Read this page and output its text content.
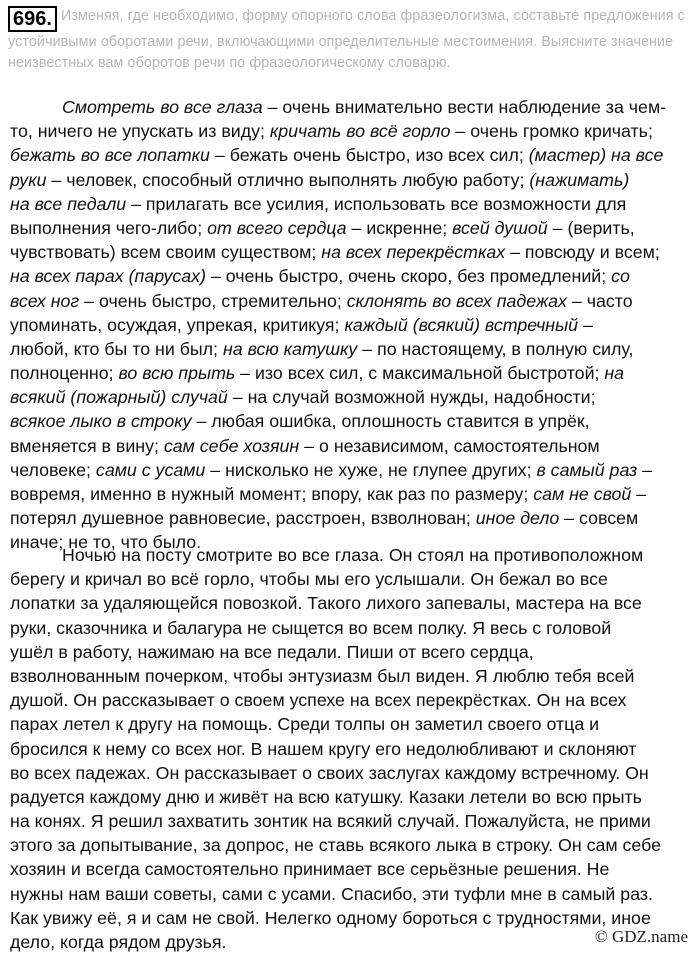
696. Изменяя, где необходимо, форму опорного слова фразеологизма, составьте предложения с устойчивыми оборотами речи, включающими определительные местоимения. Выясните значение неизвестных вам оборотов речи по фразеологическому словарю.
Смотреть во все глаза – очень внимательно вести наблюдение за чем-
то, ничего не упускать из виду; кричать во всё горло – очень громко кричать;
бежать во все лопатки – бежать очень быстро, изо всех сил; (мастер) на все
руки – человек, способный отлично выполнять любую работу; (нажимать)
на все педали – прилагать все усилия, использовать все возможности для
выполнения чего-либо; от всего сердца – искренне; всей душой – (верить,
чувствовать) всем своим существом; на всех перекрёстках – повсюду и всем;
на всех парах (парусах) – очень быстро, очень скоро, без промедлений; со
всех ног – очень быстро, стремительно; склонять во всех падежах – часто
упоминать, осуждая, упрекая, критикуя; каждый (всякий) встречный –
любой, кто бы то ни был; на всю катушку – по настоящему, в полную силу,
полноценно; во всю прыть – изо всех сил, с максимальной быстротой; на
всякий (пожарный) случай – на случай возможной нужды, надобности;
всякое лыко в строку – любая ошибка, оплошность ставится в упрёк,
вменяется в вину; сам себе хозяин – о независимом, самостоятельном
человеке; сами с усами – нисколько не хуже, не глупее других; в самый раз –
вовремя, именно в нужный момент; впору, как раз по размеру; сам не свой –
потерял душевное равновесие, расстроен, взволнован; иное дело – совсем
иначе; не то, что было.
Ночью на посту смотрите во все глаза. Он стоял на противоположном
берегу и кричал во всё горло, чтобы мы его услышали. Он бежал во все
лопатки за удаляющейся повозкой. Такого лихого запевалы, мастера на все
руки, сказочника и балагура не сыщется во всем полку. Я весь с головой
ушёл в работу, нажимаю на все педали. Пиши от всего сердца,
взволнованным почерком, чтобы энтузиазм был виден. Я люблю тебя всей
душой. Он рассказывает о своем успехе на всех перекрёстках. Он на всех
парах летел к другу на помощь. Среди толпы он заметил своего отца и
бросился к нему со всех ног. В нашем кругу его недолюбливают и склоняют
во всех падежах. Он рассказывает о своих заслугах каждому встречному. Он
радуется каждому дню и живёт на всю катушку. Казаки летели во всю прыть
на конях. Я решил захватить зонтик на всякий случай. Пожалуйста, не прими
этого за допытывание, за допрос, не ставь всякого лыка в строку. Он сам себе
хозяин и всегда самостоятельно принимает все серьёзные решения. Не
нужны нам ваши советы, сами с усами. Спасибо, эти туфли мне в самый раз.
Как увижу её, я и сам не свой. Нелегко одному бороться с трудностями, иное
дело, когда рядом друзья.	© GDZ.name
